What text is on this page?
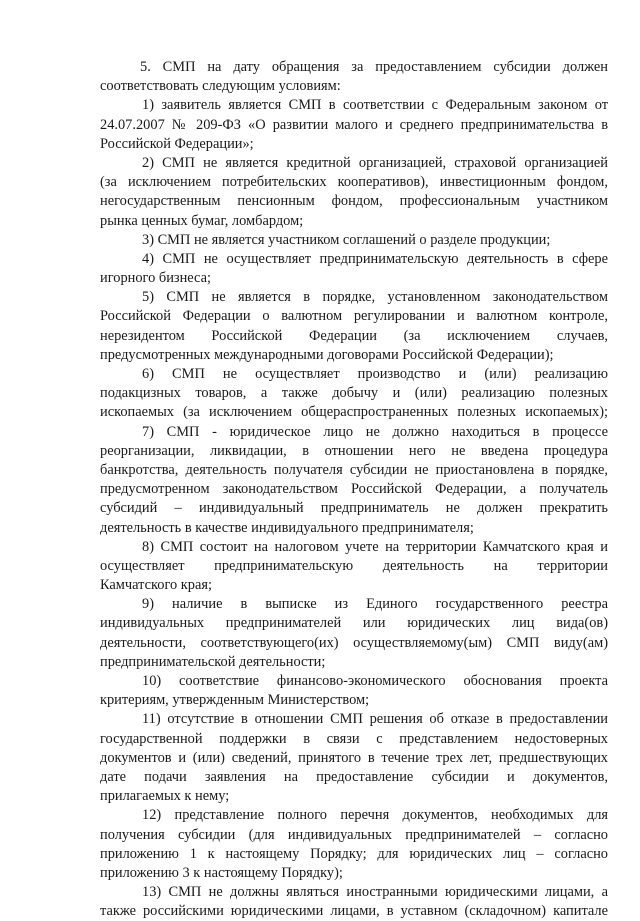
5. СМП на дату обращения за предоставлением субсидии должен
соответствовать следующим условиям:
1) заявитель является СМП в соответствии с Федеральным законом от
24.07.2007 № 209-ФЗ «О развитии малого и среднего предпринимательства в
Российской Федерации»;
2) СМП не является кредитной организацией, страховой организацией
(за исключением потребительских кооперативов), инвестиционным фондом,
негосударственным пенсионным фондом, профессиональным участником
рынка ценных бумаг, ломбардом;
3) СМП не является участником соглашений о разделе продукции;
4) СМП не осуществляет предпринимательскую деятельность в сфере
игорного бизнеса;
5) СМП не является в порядке, установленном законодательством
Российской Федерации о валютном регулировании и валютном контроле,
нерезидентом Российской Федерации (за исключением случаев,
предусмотренных международными договорами Российской Федерации);
6) СМП не осуществляет производство и (или) реализацию
подакцизных товаров, а также добычу и (или) реализацию полезных
ископаемых (за исключением общераспространенных полезных ископаемых);
7) СМП - юридическое лицо не должно находиться в процессе
реорганизации, ликвидации, в отношении него не введена процедура
банкротства, деятельность получателя субсидии не приостановлена в порядке,
предусмотренном законодательством Российской Федерации, а получатель
субсидий – индивидуальный предприниматель не должен прекратить
деятельность в качестве индивидуального предпринимателя;
8) СМП состоит на налоговом учете на территории Камчатского края и
осуществляет предпринимательскую деятельность на территории
Камчатского края;
9) наличие в выписке из Единого государственного реестра
индивидуальных предпринимателей или юридических лиц вида(ов)
деятельности, соответствующего(их) осуществляемому(ым) СМП виду(ам)
предпринимательской деятельности;
10) соответствие финансово-экономического обоснования проекта
критериям, утвержденным Министерством;
11) отсутствие в отношении СМП решения об отказе в предоставлении
государственной поддержки в связи с представлением недостоверных
документов и (или) сведений, принятого в течение трех лет, предшествующих
дате подачи заявления на предоставление субсидии и документов,
прилагаемых к нему;
12) представление полного перечня документов, необходимых для
получения субсидии (для индивидуальных предпринимателей – согласно
приложению 1 к настоящему Порядку; для юридических лиц – согласно
приложению 3 к настоящему Порядку);
13) СМП не должны являться иностранными юридическими лицами, а
также российскими юридическими лицами, в уставном (складочном) капитале
